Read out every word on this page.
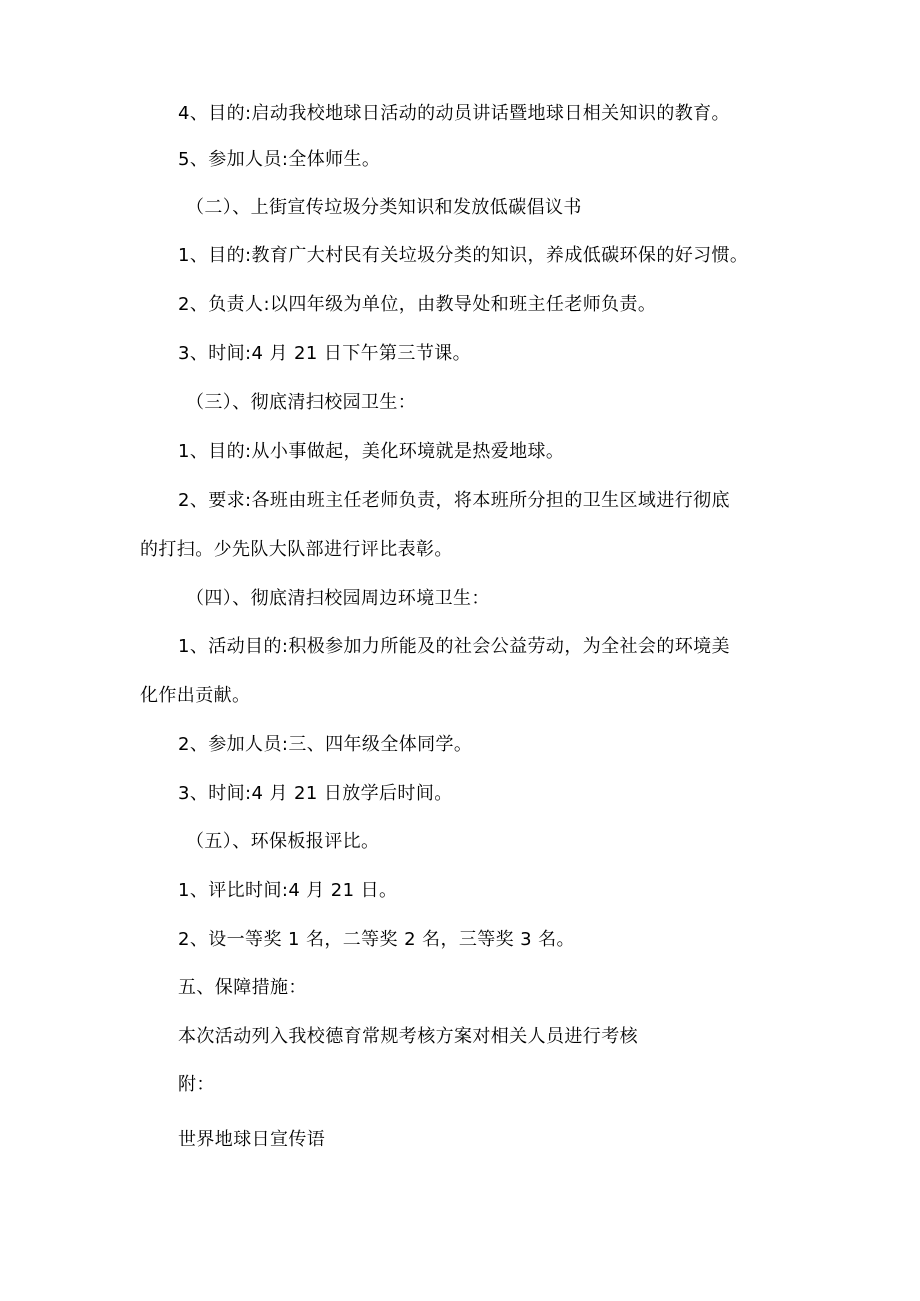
4、目的:启动我校地球日活动的动员讲话暨地球日相关知识的教育。
5、参加人员:全体师生。
（二）、上街宣传垃圾分类知识和发放低碳倡议书
1、目的:教育广大村民有关垃圾分类的知识，养成低碳环保的好习惯。
2、负责人:以四年级为单位，由教导处和班主任老师负责。
3、时间:4 月 21 日下午第三节课。
（三）、彻底清扫校园卫生：
1、目的:从小事做起，美化环境就是热爱地球。
2、要求:各班由班主任老师负责，将本班所分担的卫生区域进行彻底
的打扫。少先队大队部进行评比表彰。
（四）、彻底清扫校园周边环境卫生：
1、活动目的:积极参加力所能及的社会公益劳动，为全社会的环境美
化作出贡献。
2、参加人员:三、四年级全体同学。
3、时间:4 月 21 日放学后时间。
（五）、环保板报评比。
1、评比时间:4 月 21 日。
2、设一等奖 1 名，二等奖 2 名，三等奖 3 名。
五、保障措施：
本次活动列入我校德育常规考核方案对相关人员进行考核
附：
世界地球日宣传语
